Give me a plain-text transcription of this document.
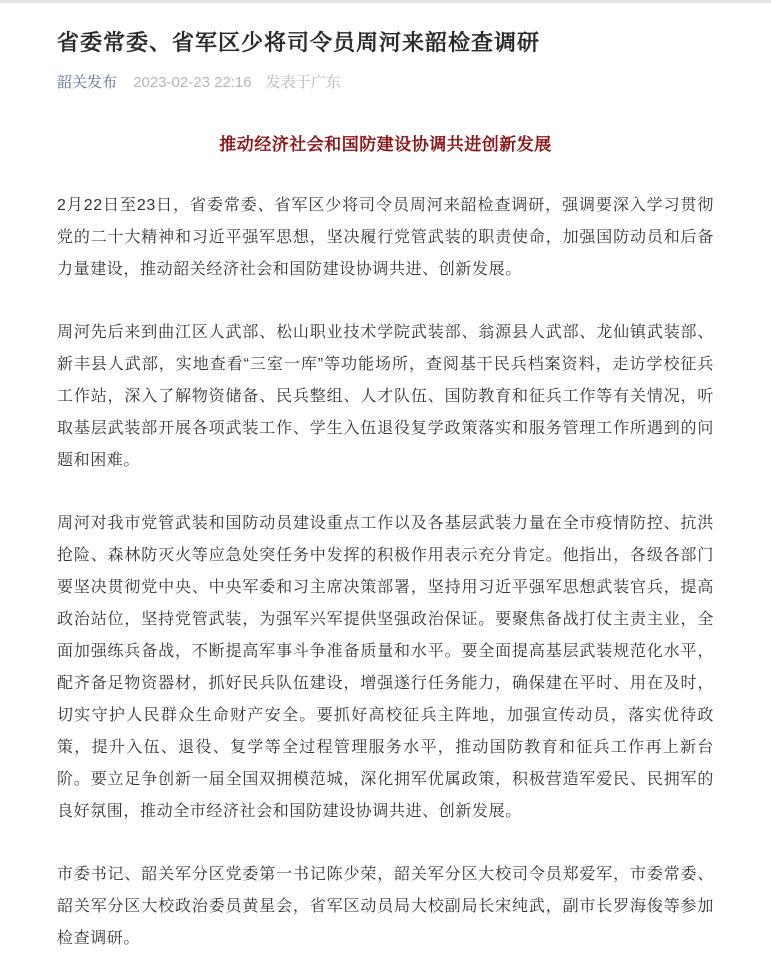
省委常委、省军区少将司令员周河来韶检查调研
韶关发布 2023-02-23 22:16 发表于广东
推动经济社会和国防建设协调共进创新发展

2月22日至23日，省委常委、省军区少将司令员周河来韶检查调研，强调要深入学习贯彻党的二十大精神和习近平强军思想，坚决履行党管武装的职责使命，加强国防动员和后备力量建设，推动韶关经济社会和国防建设协调共进、创新发展。

周河先后来到曲江区人武部、松山职业技术学院武装部、翁源县人武部、龙仙镇武装部、新丰县人武部，实地查看“三室一库”等功能场所，查阅基干民兵档案资料，走访学校征兵工作站，深入了解物资储备、民兵整组、人才队伍、国防教育和征兵工作等有关情况，听取基层武装部开展各项武装工作、学生入伍退役复学政策落实和服务管理工作所遇到的问题和困难。

周河对我市党管武装和国防动员建设重点工作以及各基层武装力量在全市疫情防控、抗洪抢险、森林防灭火等应急处突任务中发挥的积极作用表示充分肯定。他指出，各级各部门要坚决贯彻党中央、中央军委和习主席决策部署，坚持用习近平强军思想武装官兵，提高政治站位，坚持党管武装，为强军兴军提供坚强政治保证。要聚焦备战打仗主责主业，全面加强练兵备战，不断提高军事斗争准备质量和水平。要全面提高基层武装规范化水平，配齐备足物资器材，抓好民兵队伍建设，增强遂行任务能力，确保建在平时、用在及时，切实守护人民群众生命财产安全。要抓好高校征兵主阵地，加强宣传动员，落实优待政策，提升入伍、退役、复学等全过程管理服务水平，推动国防教育和征兵工作再上新台阶。要立足争创新一届全国双拥模范城，深化拥军优属政策，积极营造军爱民、民拥军的良好氛围，推动全市经济社会和国防建设协调共进、创新发展。

市委书记、韶关军分区党委第一书记陈少荣，韶关军分区大校司令员郑爱军，市委常委、韶关军分区大校政治委员黄星会，省军区动员局大校副局长宋纯武，副市长罗海俊等参加检查调研。
